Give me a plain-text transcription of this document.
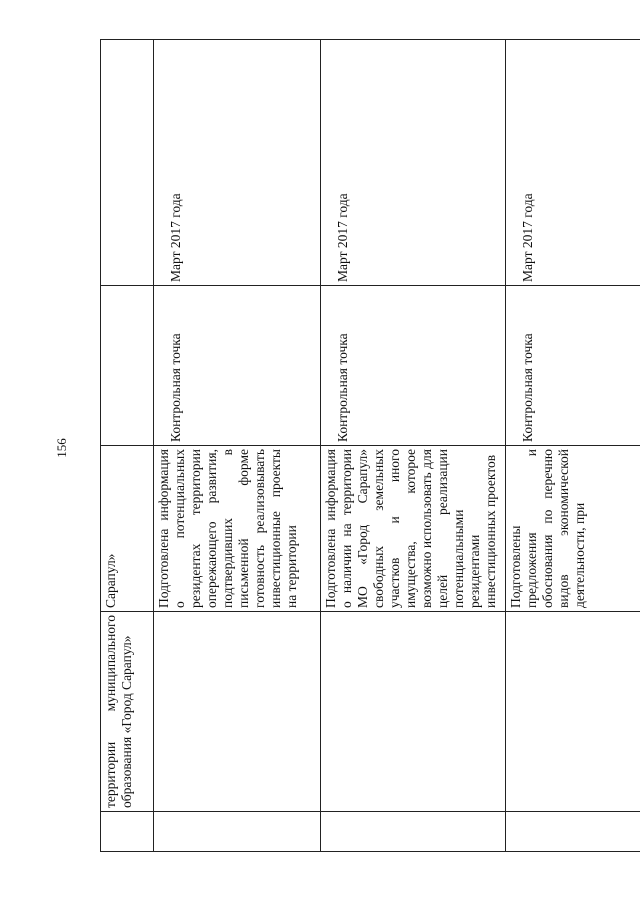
156

	территории муниципального образования «Город Сарапул»	Сарапул»		
		Подготовлена информация о потенциальных резидентах территории опережающего развития, подтвердивших в письменной форме готовность реализовывать инвестиционные проекты на территории	Контрольная точка	Март 2017 года
		Подготовлена информация о наличии на территории МО «Город Сарапул» свободных земельных участков и иного имущества, которое возможно использовать для целей реализации потенциальными резидентами инвестиционных проектов	Контрольная точка	Март 2017 года
		Подготовлены предложения и обоснования по перечню видов экономической деятельности, при	Контрольная точка	Март 2017 года
